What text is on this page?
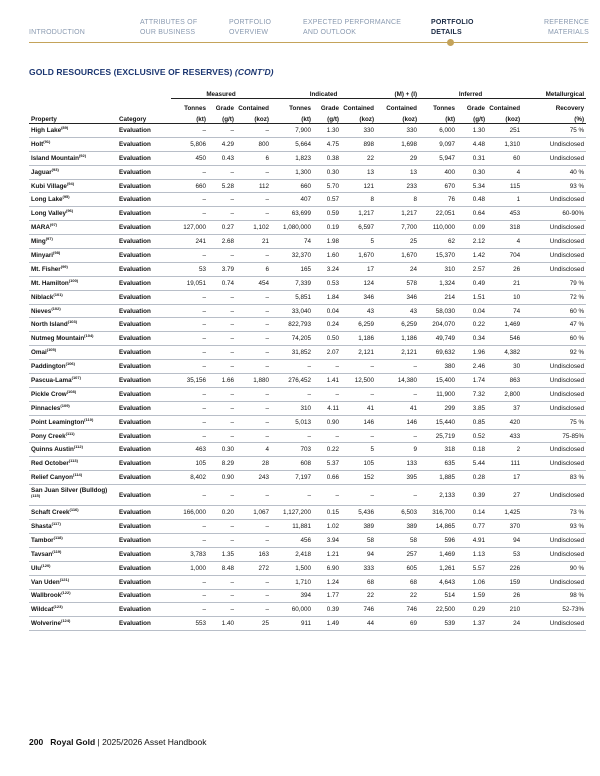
INTRODUCTION
ATTRIBUTES OF
OUR BUSINESS
PORTFOLIO
OVERVIEW
EXPECTED PERFORMANCE
AND OUTLOOK
PORTFOLIO
DETAILS
REFERENCE
MATERIALS
GOLD RESOURCES (EXCLUSIVE OF RESERVES) (CONT'D)
		Measured			Indicated			(M) + (I)	Inferred			Metallurgical
		Tonnes	Grade	Contained	Tonnes	Grade	Contained	Contained	Tonnes	Grade	Contained	Recovery
Property	Category	(kt)	(g/t)	(koz)	(kt)	(g/t)	(koz)	(koz)	(kt)	(g/t)	(koz)	(%)
High Lake$^{(89)}$	Evaluation	–	–	–	7,900	1.30	330	330	6,000	1.30	251	75 %
Holt$^{(91)}$	Evaluation	5,806	4.29	800	5,664	4.75	898	1,698	9,097	4.48	1,310	Undisclosed
Island Mountain$^{(92)}$	Evaluation	450	0.43	6	1,823	0.38	22	29	5,947	0.31	60	Undisclosed
Jaguar$^{(93)}$	Evaluation	–	–	–	1,300	0.30	13	13	400	0.30	4	40 %
Kubi Village$^{(94)}$	Evaluation	660	5.28	112	660	5.70	121	233	670	5.34	115	93 %
Long Lake$^{(95)}$	Evaluation	–	–	–	407	0.57	8	8	76	0.48	1	Undisclosed
Long Valley$^{(96)}$	Evaluation	–	–	–	63,699	0.59	1,217	1,217	22,051	0.64	453	60-90%
MARA$^{(97)}$	Evaluation	127,000	0.27	1,102	1,080,000	0.19	6,597	7,700	110,000	0.09	318	Undisclosed
Ming$^{(97)}$	Evaluation	241	2.68	21	74	1.98	5	25	62	2.12	4	Undisclosed
Minyari$^{(98)}$	Evaluation	–	–	–	32,370	1.60	1,670	1,670	15,370	1.42	704	Undisclosed
Mt. Fisher$^{(99)}$	Evaluation	53	3.79	6	165	3.24	17	24	310	2.57	26	Undisclosed
Mt. Hamilton$^{(100)}$	Evaluation	19,051	0.74	454	7,339	0.53	124	578	1,324	0.49	21	79 %
Niblack$^{(101)}$	Evaluation	–	–	–	5,851	1.84	346	346	214	1.51	10	72 %
Nieves$^{(102)}$	Evaluation	–	–	–	33,040	0.04	43	43	58,030	0.04	74	60 %
North Island$^{(103)}$	Evaluation	–	–	–	822,793	0.24	6,259	6,259	204,070	0.22	1,469	47 %
Nutmeg Mountain$^{(104)}$	Evaluation	–	–	–	74,205	0.50	1,186	1,186	49,749	0.34	546	60 %
Omai$^{(105)}$	Evaluation	–	–	–	31,852	2.07	2,121	2,121	69,632	1.96	4,382	92 %
Paddington$^{(106)}$	Evaluation	–	–	–	–	–	–	–	380	2.46	30	Undisclosed
Pascua-Lama$^{(107)}$	Evaluation	35,156	1.66	1,880	276,452	1.41	12,500	14,380	15,400	1.74	863	Undisclosed
Pickle Crow$^{(108)}$	Evaluation	–	–	–	–	–	–	–	11,900	7.32	2,800	Undisclosed
Pinnacles$^{(109)}$	Evaluation	–	–	–	310	4.11	41	41	299	3.85	37	Undisclosed
Point Leamington$^{(110)}$	Evaluation	–	–	–	5,013	0.90	146	146	15,440	0.85	420	75 %
Pony Creek$^{(111)}$	Evaluation	–	–	–	–	–	–	–	25,719	0.52	433	75-85%
Quinns Austin$^{(112)}$	Evaluation	463	0.30	4	703	0.22	5	9	318	0.18	2	Undisclosed
Red October$^{(113)}$	Evaluation	105	8.29	28	608	5.37	105	133	635	5.44	111	Undisclosed
Relief Canyon$^{(114)}$	Evaluation	8,402	0.90	243	7,197	0.66	152	395	1,885	0.28	17	83 %
San Juan Silver (Bulldog)$^{(115)}$	Evaluation	–	–	–	–	–	–	–	2,133	0.39	27	Undisclosed
Schaft Creek$^{(116)}$	Evaluation	166,000	0.20	1,067	1,127,200	0.15	5,436	6,503	316,700	0.14	1,425	73 %
Shasta$^{(117)}$	Evaluation	–	–	–	11,881	1.02	389	389	14,865	0.77	370	93 %
Tambor$^{(118)}$	Evaluation	–	–	–	456	3.94	58	58	596	4.91	94	Undisclosed
Tavsan$^{(119)}$	Evaluation	3,783	1.35	163	2,418	1.21	94	257	1,469	1.13	53	Undisclosed
Ulu$^{(120)}$	Evaluation	1,000	8.48	272	1,500	6.90	333	605	1,261	5.57	226	90 %
Van Uden$^{(121)}$	Evaluation	–	–	–	1,710	1.24	68	68	4,643	1.06	159	Undisclosed
Wallbrook$^{(122)}$	Evaluation	–	–	–	394	1.77	22	22	514	1.59	26	98 %
Wildcat$^{(123)}$	Evaluation	–	–	–	60,000	0.39	746	746	22,500	0.29	210	52-73%
Wolverine$^{(124)}$	Evaluation	553	1.40	25	911	1.49	44	69	539	1.37	24	Undisclosed
200 Royal Gold | 2025/2026 Asset Handbook
